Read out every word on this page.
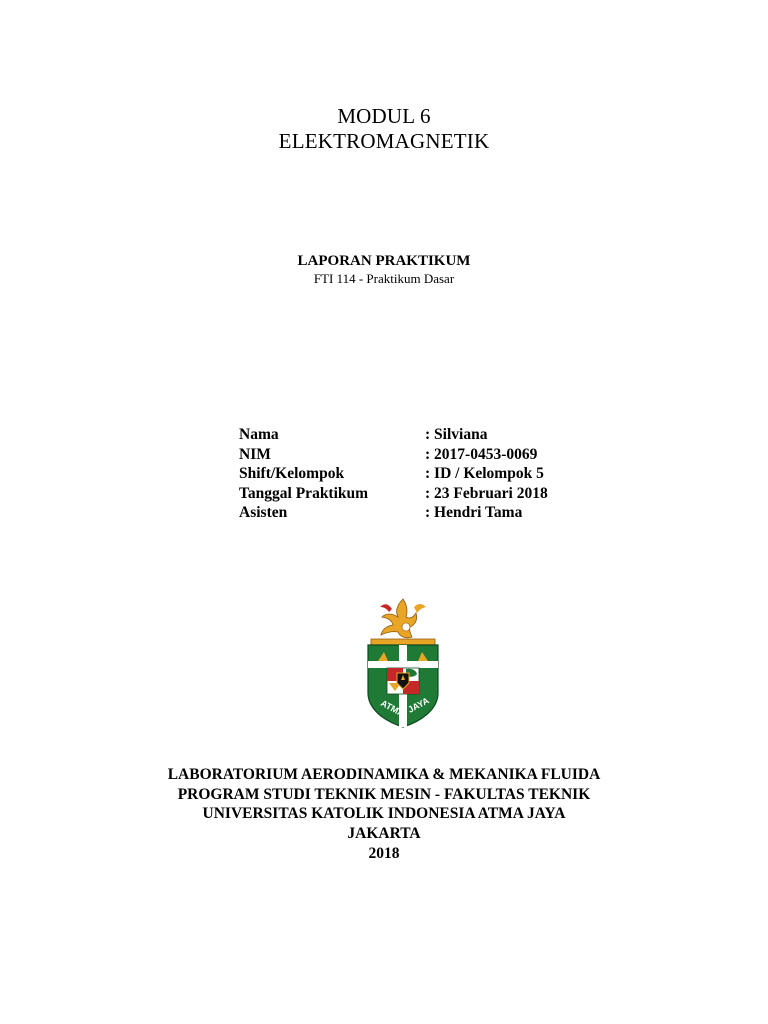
MODUL 6
ELEKTROMAGNETIK
LAPORAN PRAKTIKUM
FTI 114 - Praktikum Dasar
Nama	: Silviana
NIM	: 2017-0453-0069
Shift/Kelompok	: ID / Kelompok 5
Tanggal Praktikum	: 23 Februari 2018
Asisten	: Hendri Tama
ATMA JAYA
LABORATORIUM AERODINAMIKA & MEKANIKA FLUIDA
PROGRAM STUDI TEKNIK MESIN - FAKULTAS TEKNIK
UNIVERSITAS KATOLIK INDONESIA ATMA JAYA
JAKARTA
2018
